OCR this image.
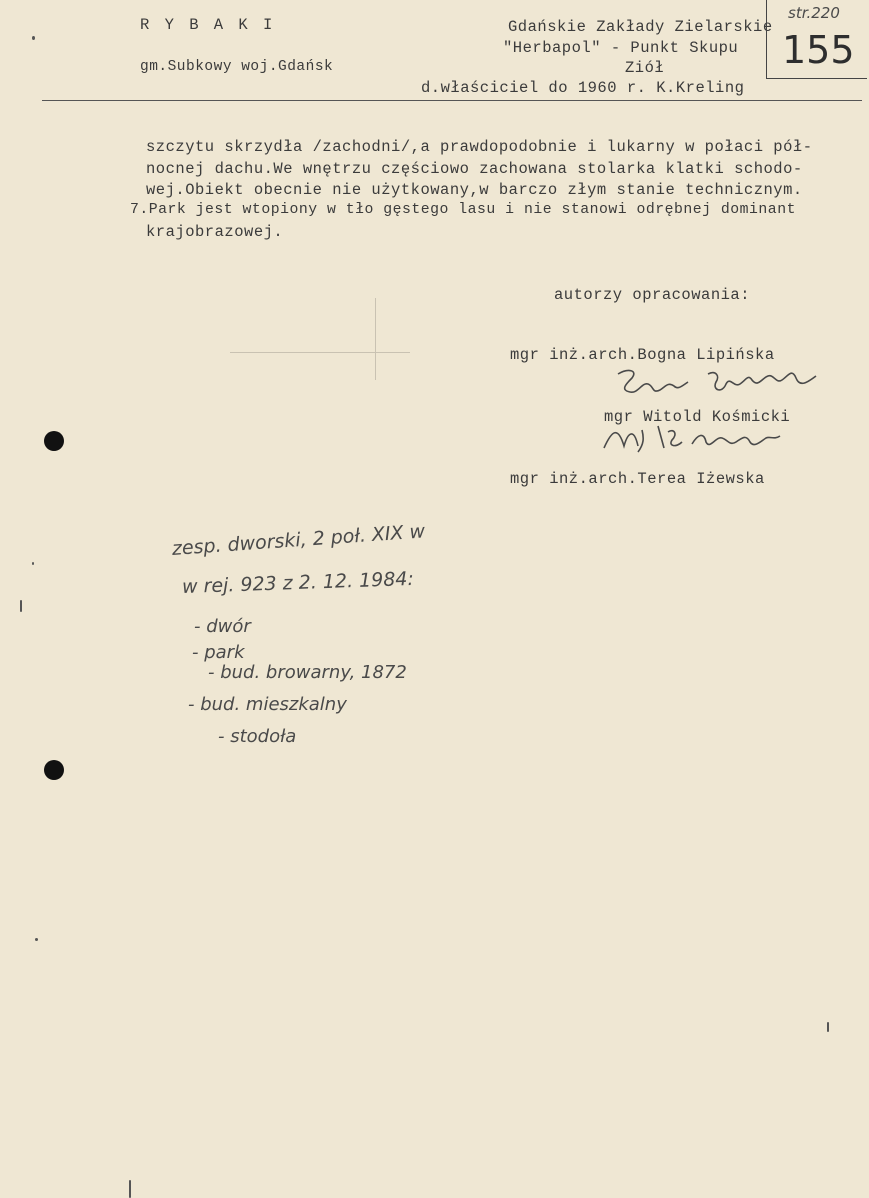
R Y B A K I
gm.Subkowy woj.Gdańsk
Gdańskie Zakłady Zielarskie
"Herbapol" - Punkt Skupu
Ziół
d.właściciel do 1960 r. K.Kreling
str.220
155
szczytu skrzydła /zachodni/,a prawdopodobnie i lukarny w połaci pół-
nocnej dachu.We wnętrzu częściowo zachowana stolarka klatki schodo-
wej.Obiekt obecnie nie użytkowany,w barczo złym stanie technicznym.
7.Park jest wtopiony w tło gęstego lasu i nie stanowi odrębnej dominant
krajobrazowej.
autorzy opracowania:
mgr inż.arch.Bogna Lipińska
mgr Witold Kośmicki
mgr inż.arch.Terea Iżewska
zesp. dworski, 2 poł. XIX w
w rej. 923 z 2. 12. 1984:
- dwór
- park
- bud. browarny, 1872
- bud. mieszkalny
- stodoła
